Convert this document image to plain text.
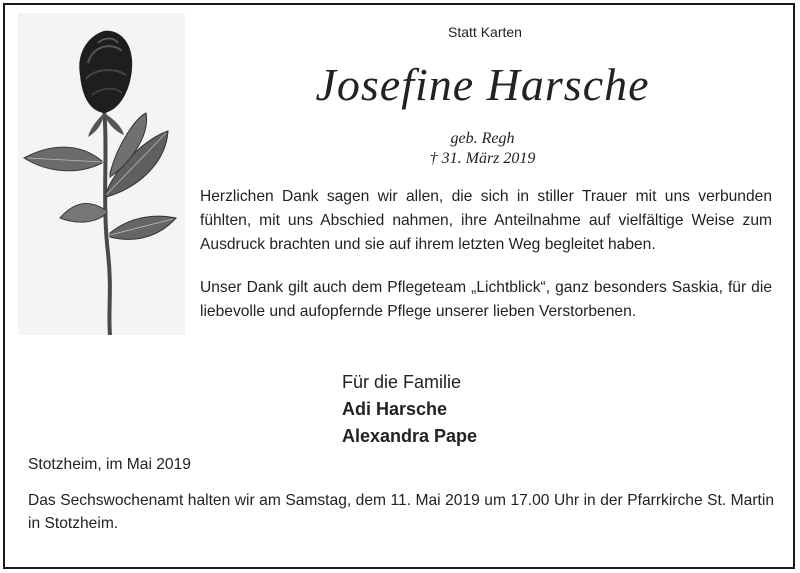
Statt Karten
Josefine Harsche
geb. Regh
† 31. März 2019

Herzlichen Dank sagen wir allen, die sich in stiller Trauer mit uns verbunden fühlten, mit uns Abschied nahmen, ihre Anteilnahme auf vielfältige Weise zum Ausdruck brachten und sie auf ihrem letzten Weg begleitet haben.

Unser Dank gilt auch dem Pflegeteam „Lichtblick“, ganz besonders Saskia, für die liebevolle und aufopfernde Pflege unserer lieben Verstorbenen.

Für die Familie
Adi Harsche
Alexandra Pape
Stotzheim, im Mai 2019

Das Sechswochenamt halten wir am Samstag, dem 11. Mai 2019 um 17.00 Uhr in der Pfarrkirche St. Martin in Stotzheim.
